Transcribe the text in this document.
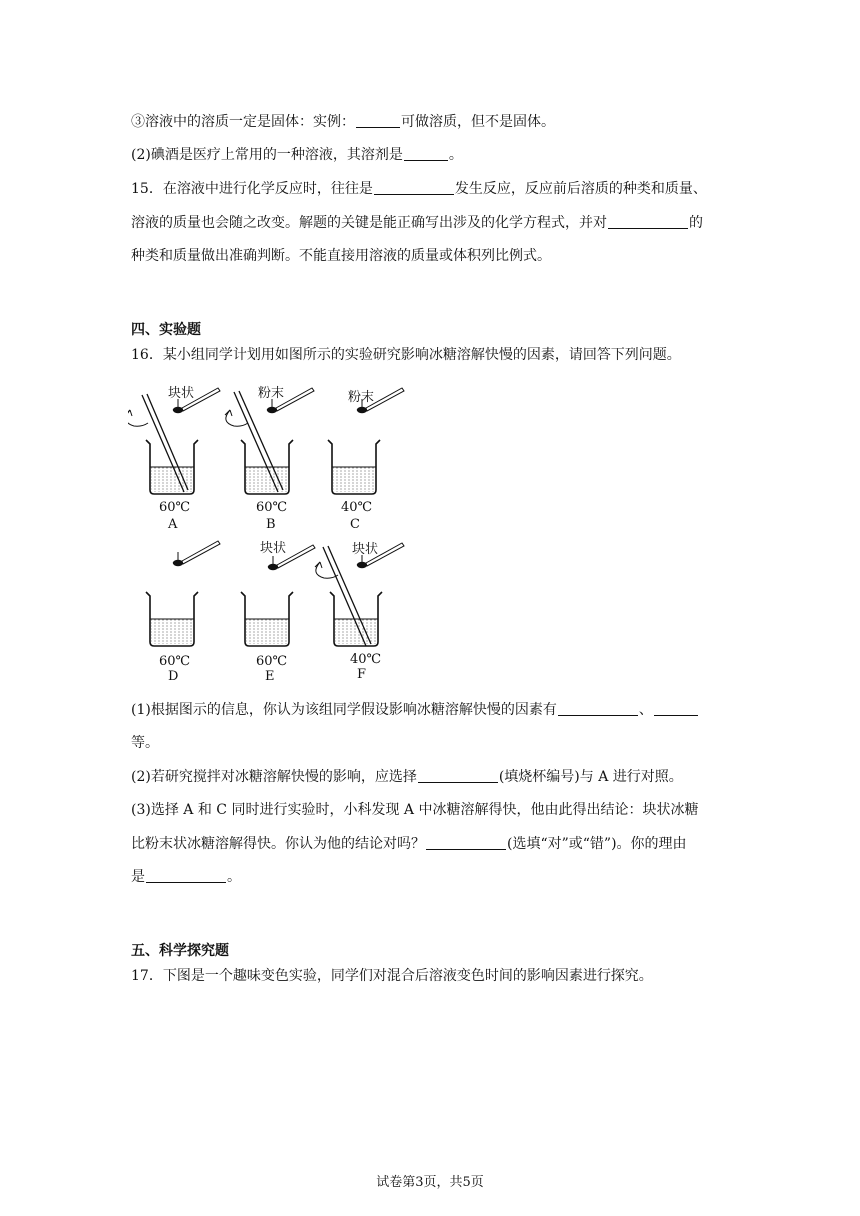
③溶液中的溶质一定是固体：实例：	可做溶质，但不是固体。
(2)碘酒是医疗上常用的一种溶液，其溶剂是	。
15．在溶液中进行化学反应时，往往是	发生反应，反应前后溶质的种类和质量、
溶液的质量也会随之改变。解题的关键是能正确写出涉及的化学方程式，并对	的
种类和质量做出准确判断。不能直接用溶液的质量或体积列比例式。
四、实验题
16．某小组同学计划用如图所示的实验研究影响冰糖溶解快慢的因素，请回答下列问题。
块状
60℃
A
粉末
60℃
B
粉末
40℃
C
60℃
D
块状
60℃
E
块状
40℃
F
(1)根据图示的信息，你认为该组同学假设影响冰糖溶解快慢的因素有	、
等。
(2)若研究搅拌对冰糖溶解快慢的影响，应选择	(填烧杯编号)与 A 进行对照。
(3)选择 A 和 C 同时进行实验时，小科发现 A 中冰糖溶解得快，他由此得出结论：块状冰糖
比粉末状冰糖溶解得快。你认为他的结论对吗？	(选填“对”或“错”)。你的理由
是	。
五、科学探究题
17．下图是一个趣味变色实验，同学们对混合后溶液变色时间的影响因素进行探究。
试卷第3页，共5页
